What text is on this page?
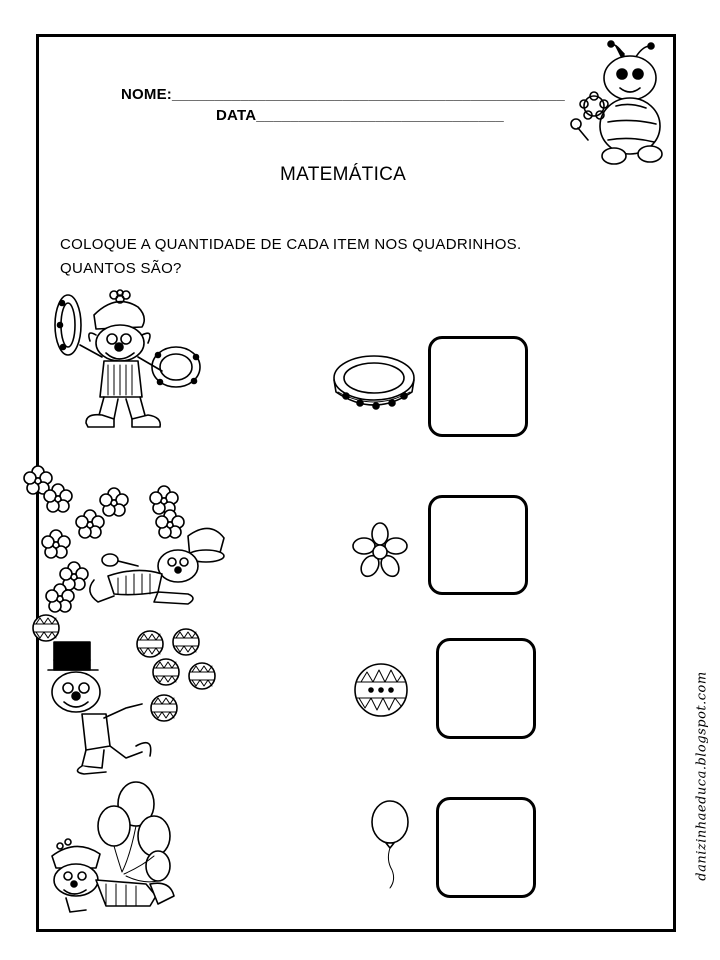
NOME:______________________________________________
DATA_____________________________
MATEMÁTICA
COLOQUE A QUANTIDADE DE CADA ITEM NOS QUADRINHOS.
QUANTOS SÃO?
danizinhaeduca.blogspot.com
